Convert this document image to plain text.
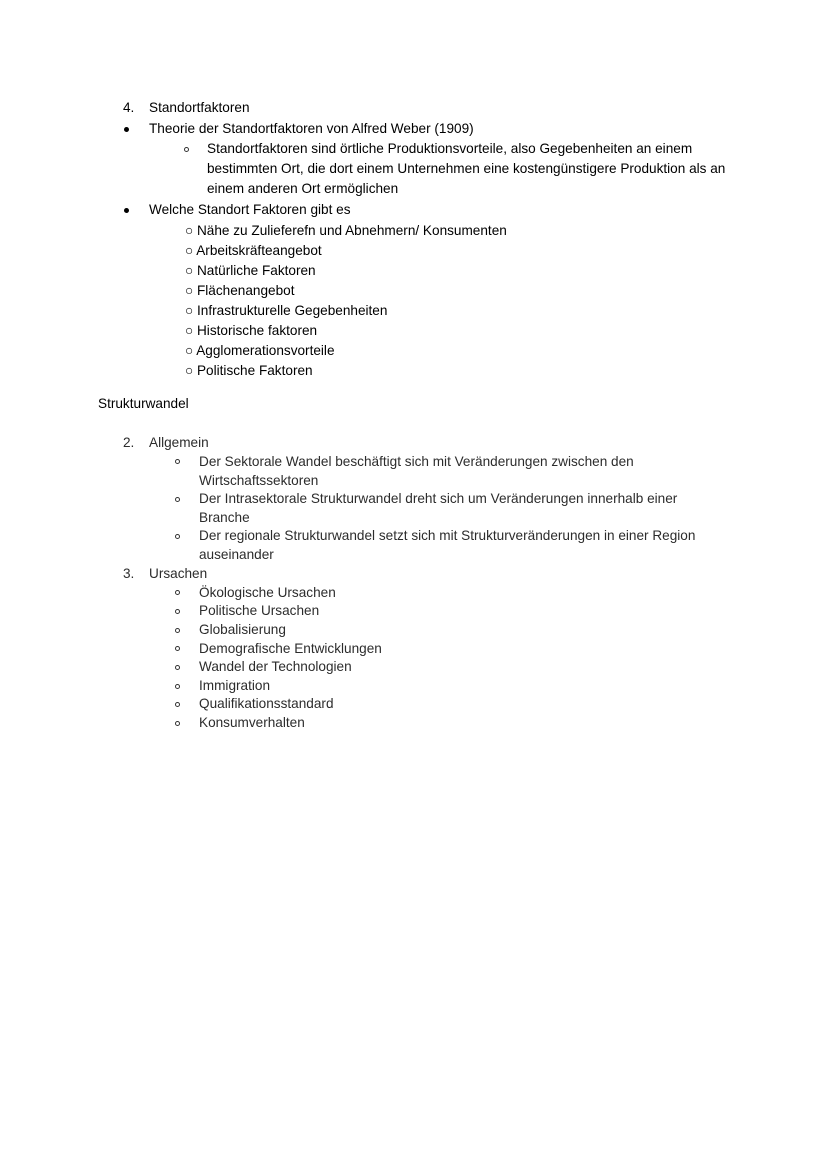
4. Standortfaktoren
Theorie der Standortfaktoren von Alfred Weber (1909)
Standortfaktoren sind örtliche Produktionsvorteile, also Gegebenheiten an einem
bestimmten Ort, die dort einem Unternehmen eine kostengünstigere Produktion als an
einem anderen Ort ermöglichen
Welche Standort Faktoren gibt es
○ Nähe zu Zulieferefn und Abnehmern/ Konsumenten
○ Arbeitskräfteangebot
○ Natürliche Faktoren
○ Flächenangebot
○ Infrastrukturelle Gegebenheiten
○ Historische faktoren
○ Agglomerationsvorteile
○ Politische Faktoren
Strukturwandel
2. Allgemein
Der Sektorale Wandel beschäftigt sich mit Veränderungen zwischen den
Wirtschaftssektoren
Der Intrasektorale Strukturwandel dreht sich um Veränderungen innerhalb einer
Branche
Der regionale Strukturwandel setzt sich mit Strukturveränderungen in einer Region
auseinander
3. Ursachen
Ökologische Ursachen
Politische Ursachen
Globalisierung
Demografische Entwicklungen
Wandel der Technologien
Immigration
Qualifikationsstandard
Konsumverhalten
